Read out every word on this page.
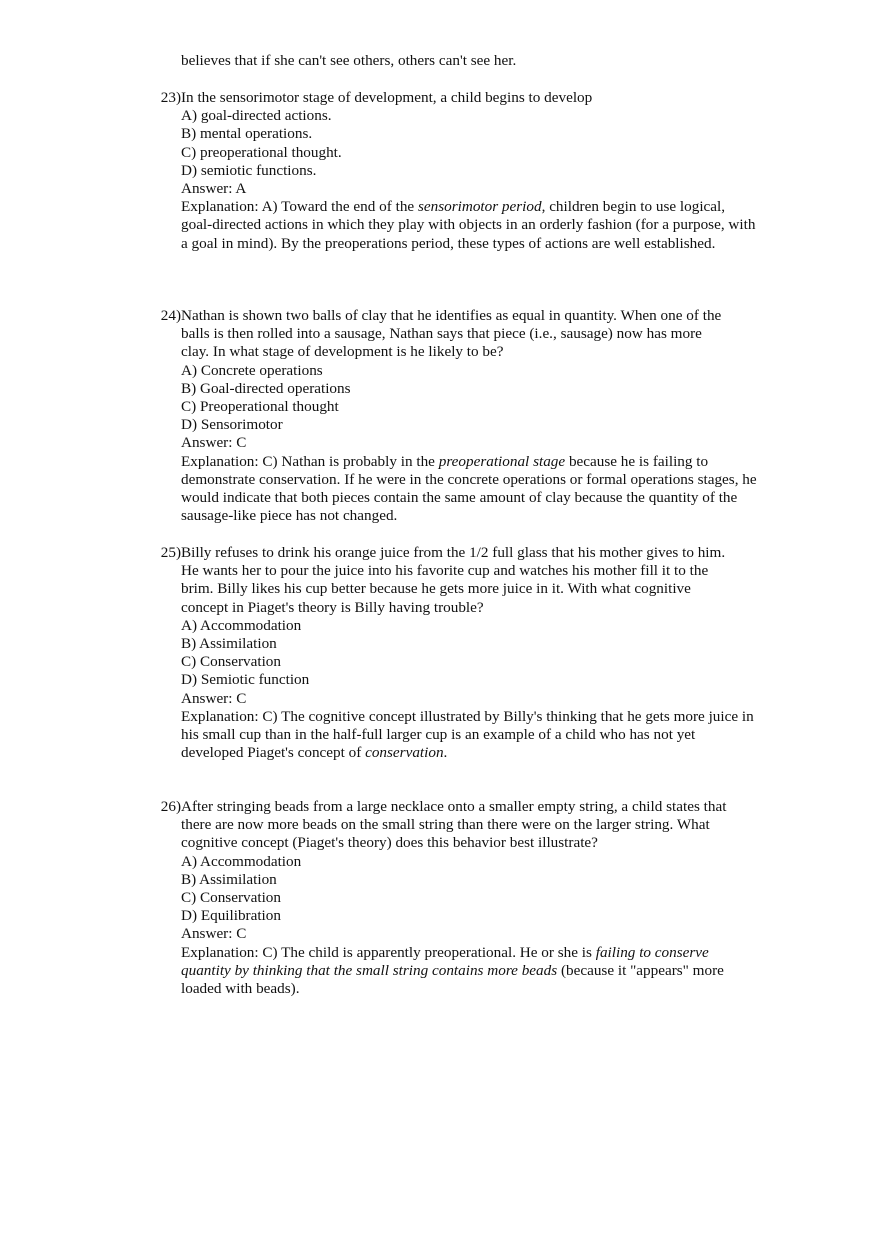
believes that if she can't see others, others can't see her.
23) In the sensorimotor stage of development, a child begins to develop
A) goal-directed actions.
B) mental operations.
C) preoperational thought.
D) semiotic functions.
Answer: A
Explanation: A) Toward the end of the sensorimotor period, children begin to use logical, goal-directed actions in which they play with objects in an orderly fashion (for a purpose, with a goal in mind). By the preoperations period, these types of actions are well established.
24) Nathan is shown two balls of clay that he identifies as equal in quantity. When one of the
balls is then rolled into a sausage, Nathan says that piece (i.e., sausage) now has more
clay. In what stage of development is he likely to be?
A) Concrete operations
B) Goal-directed operations
C) Preoperational thought
D) Sensorimotor
Answer: C
Explanation: C) Nathan is probably in the preoperational stage because he is failing to demonstrate conservation. If he were in the concrete operations or formal operations stages, he would indicate that both pieces contain the same amount of clay because the quantity of the sausage-like piece has not changed.
25) Billy refuses to drink his orange juice from the 1/2 full glass that his mother gives to him.
He wants her to pour the juice into his favorite cup and watches his mother fill it to the
brim. Billy likes his cup better because he gets more juice in it. With what cognitive
concept in Piaget's theory is Billy having trouble?
A) Accommodation
B) Assimilation
C) Conservation
D) Semiotic function
Answer: C
Explanation: C) The cognitive concept illustrated by Billy's thinking that he gets more juice in his small cup than in the half-full larger cup is an example of a child who has not yet developed Piaget's concept of conservation.
26) After stringing beads from a large necklace onto a smaller empty string, a child states that
there are now more beads on the small string than there were on the larger string. What
cognitive concept (Piaget's theory) does this behavior best illustrate?
A) Accommodation
B) Assimilation
C) Conservation
D) Equilibration
Answer: C
Explanation: C) The child is apparently preoperational. He or she is failing to conserve quantity by thinking that the small string contains more beads (because it "appears" more loaded with beads).
